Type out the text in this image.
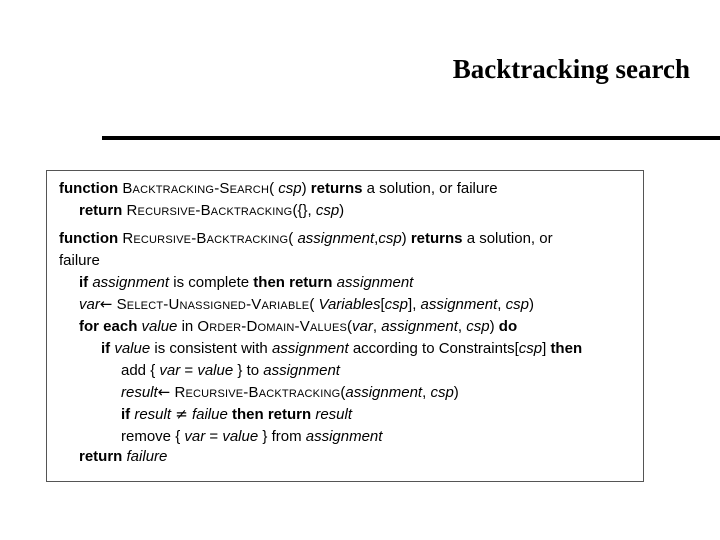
Backtracking search
function Backtracking-Search( csp) returns a solution, or failure
return Recursive-Backtracking({}, csp)
function Recursive-Backtracking( assignment,csp) returns a solution, or
failure
if assignment is complete then return assignment
var← Select-Unassigned-Variable( Variables[csp], assignment, csp)
for each value in Order-Domain-Values(var, assignment, csp) do
if value is consistent with assignment according to Constraints[csp] then
add { var = value } to assignment
result← Recursive-Backtracking(assignment, csp)
if result ≠ failue then return result
remove { var = value } from assignment
return failure
